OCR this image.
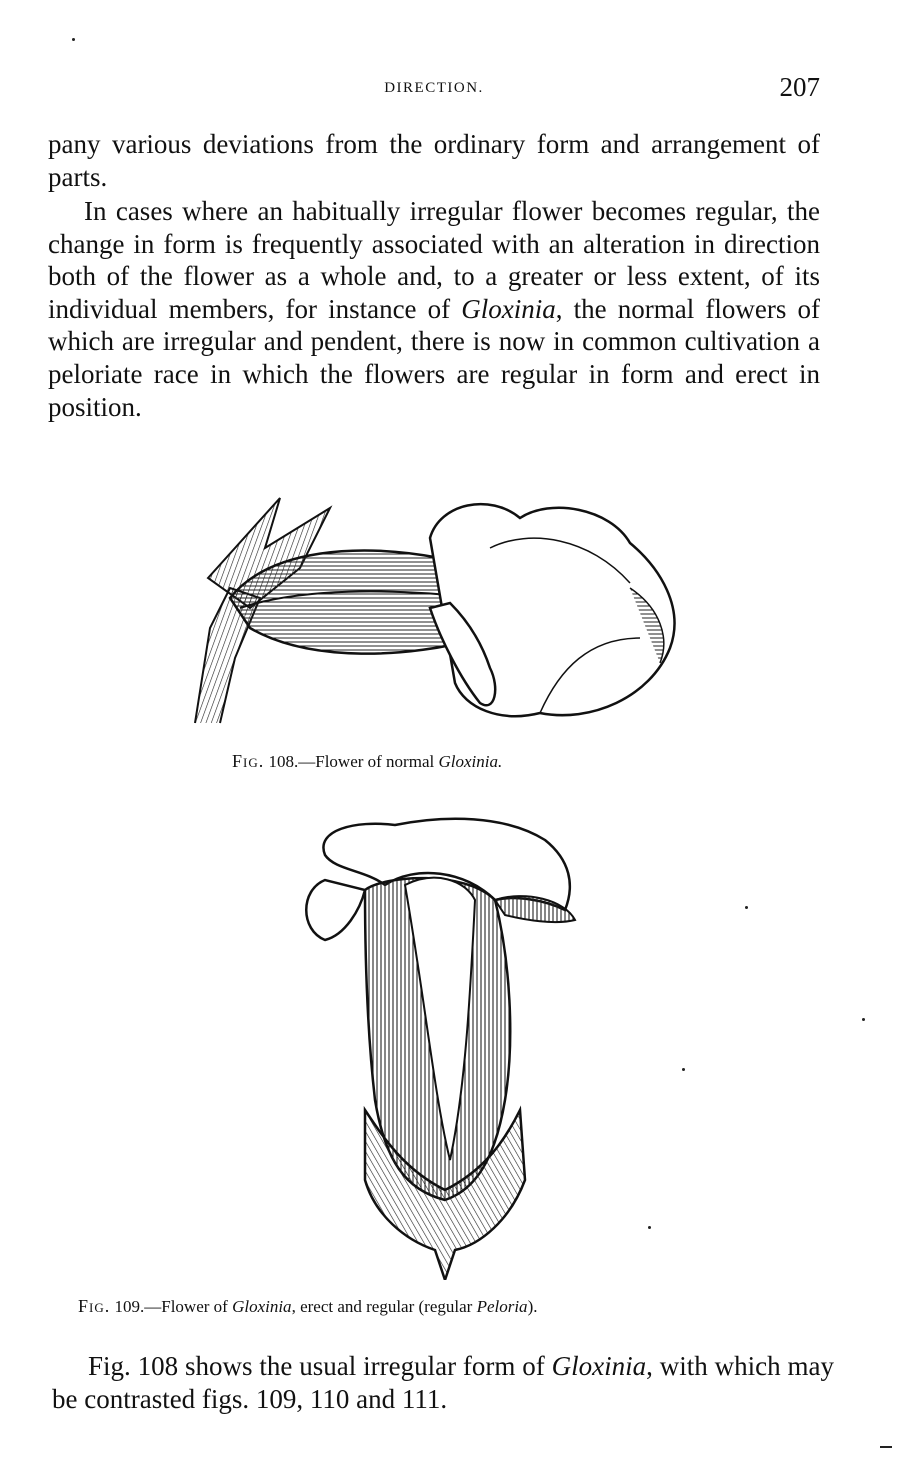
DIRECTION.	207

pany various deviations from the ordinary form and arrangement of parts.

In cases where an habitually irregular flower becomes regular, the change in form is frequently associated with an alteration in direction both of the flower as a whole and, to a greater or less extent, of its individual members, for instance of Gloxinia, the normal flowers of which are irregular and pendent, there is now in common cultivation a peloriate race in which the flowers are regular in form and erect in position.

Fig. 108.—Flower of normal Gloxinia.
Fig. 109.—Flower of Gloxinia, erect and regular (regular Peloria).

Fig. 108 shows the usual irregular form of Gloxinia, with which may be contrasted figs. 109, 110 and 111.
